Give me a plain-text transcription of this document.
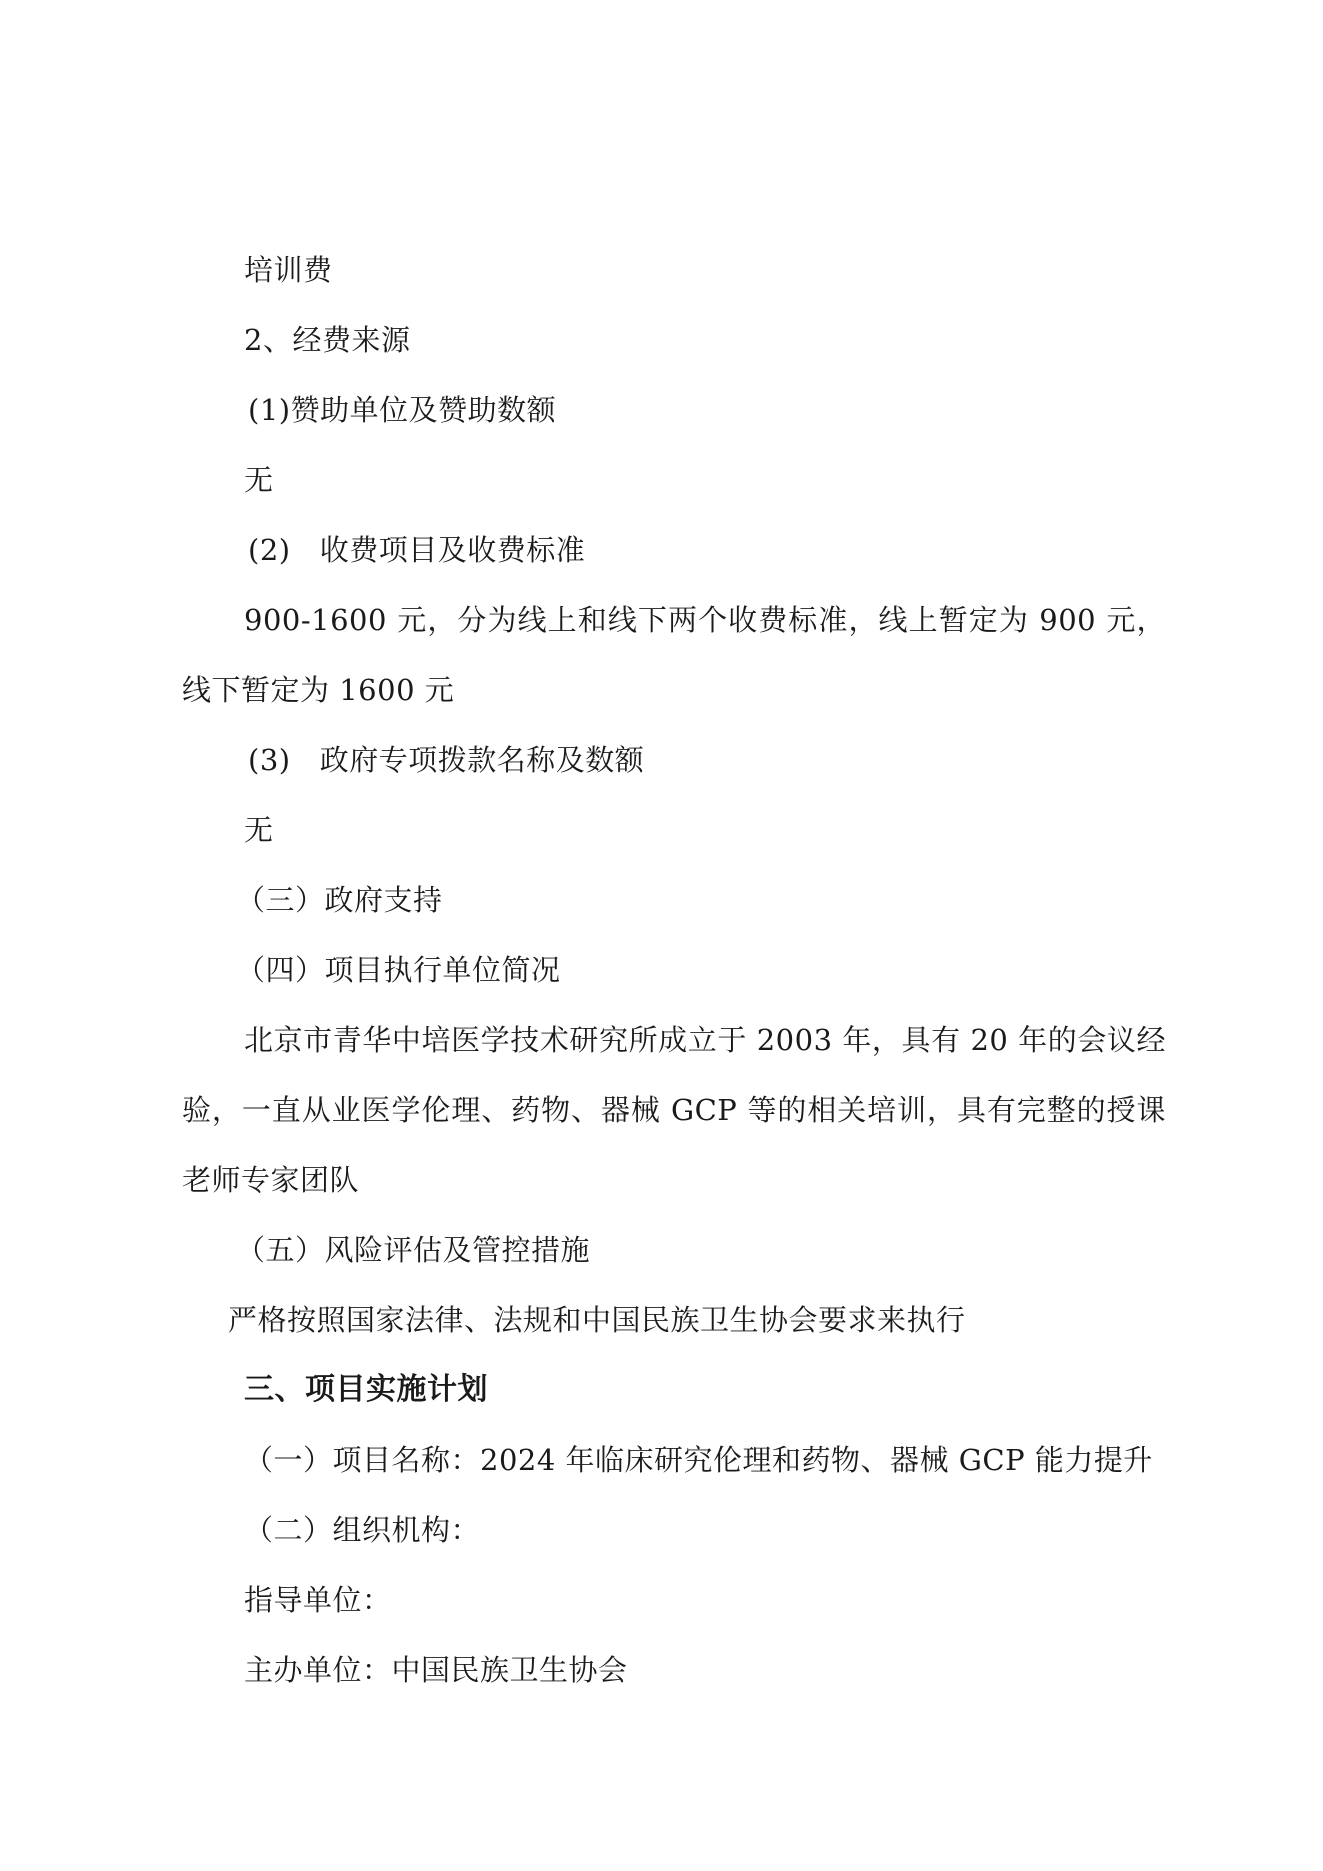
培训费
2、经费来源
(1)赞助单位及赞助数额
无
(2)   收费项目及收费标准
900-1600 元，分为线上和线下两个收费标准，线上暂定为 900 元，
线下暂定为 1600 元
(3)   政府专项拨款名称及数额
无
（三）政府支持
（四）项目执行单位简况
北京市青华中培医学技术研究所成立于 2003 年，具有 20 年的会议经
验，一直从业医学伦理、药物、器械 GCP 等的相关培训，具有完整的授课
老师专家团队
（五）风险评估及管控措施
严格按照国家法律、法规和中国民族卫生协会要求来执行
三、项目实施计划
（一）项目名称：2024 年临床研究伦理和药物、器械 GCP 能力提升
（二）组织机构：
指导单位：
主办单位：中国民族卫生协会
